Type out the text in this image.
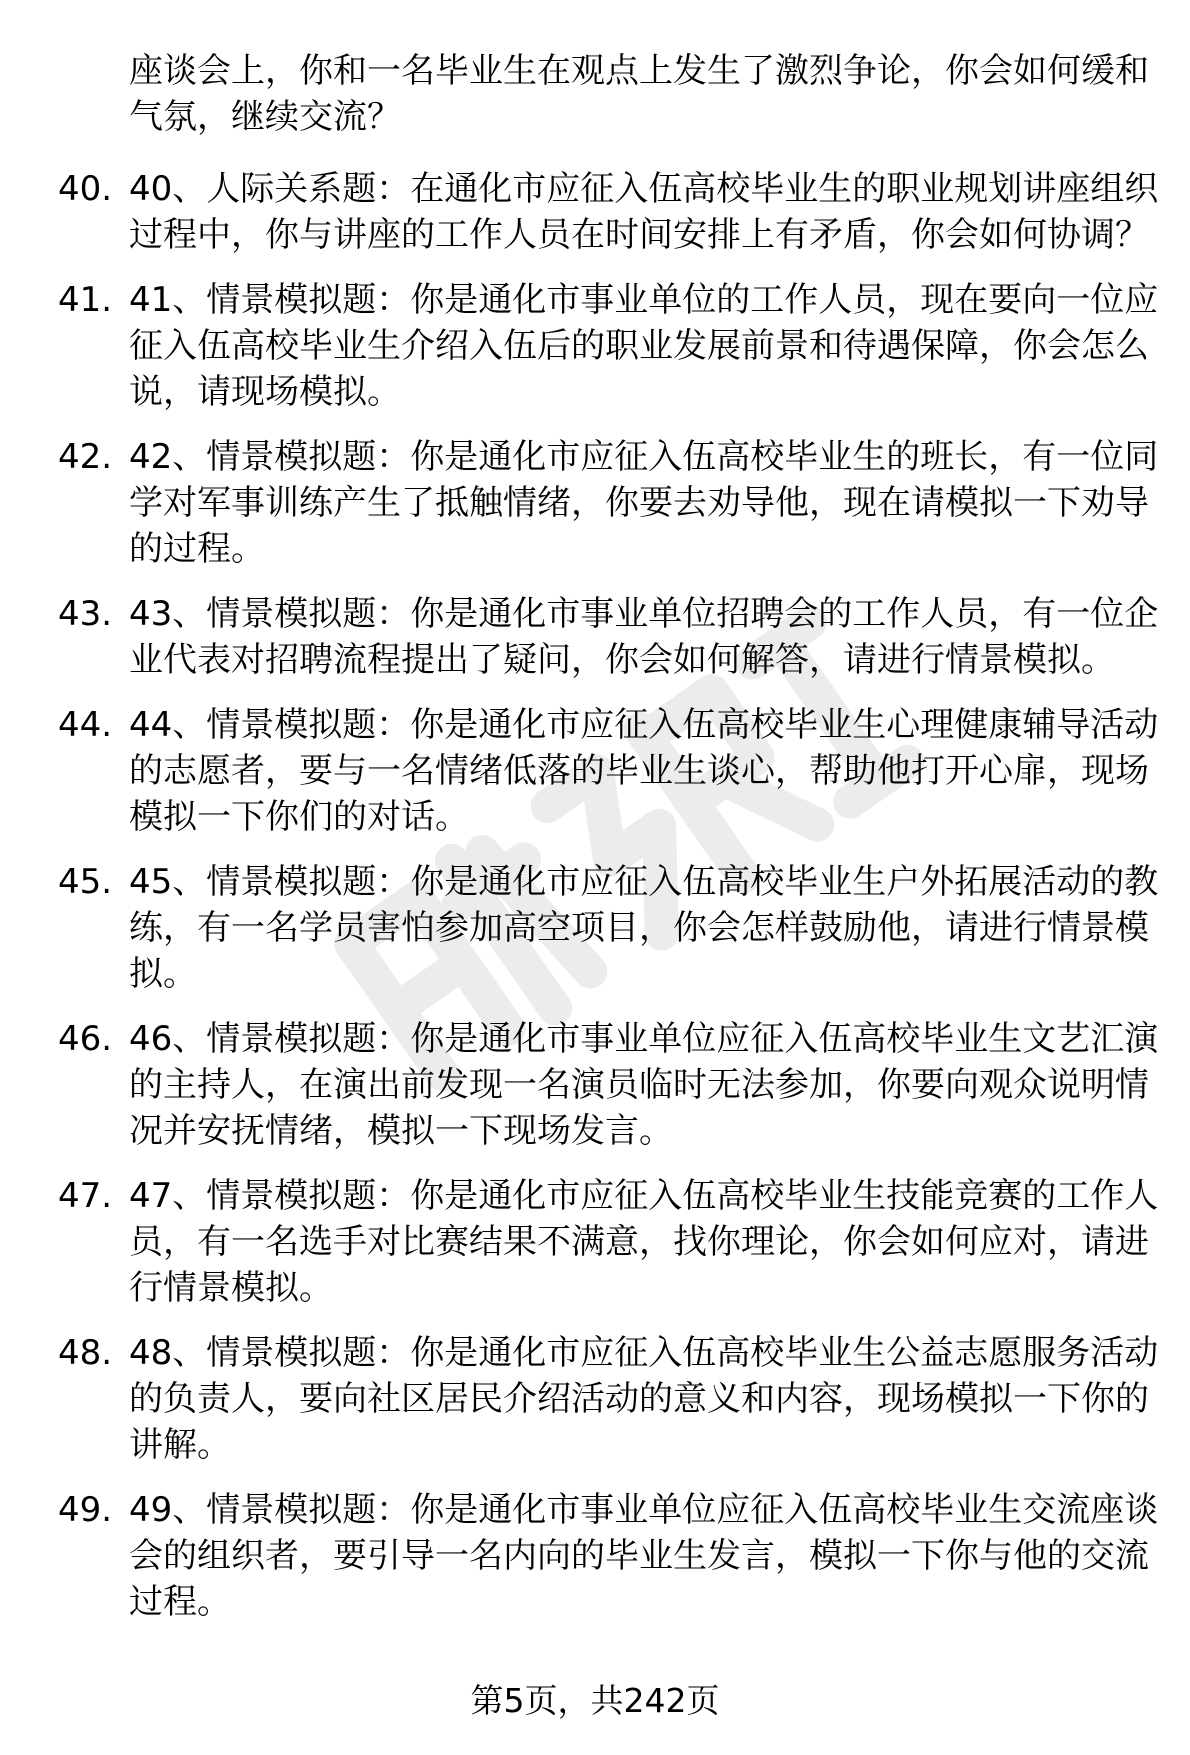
座谈会上，你和一名毕业生在观点上发生了激烈争论，你会如何缓和气氛，继续交流？
40. 40、人际关系题：在通化市应征入伍高校毕业生的职业规划讲座组织过程中，你与讲座的工作人员在时间安排上有矛盾，你会如何协调？
41. 41、情景模拟题：你是通化市事业单位的工作人员，现在要向一位应征入伍高校毕业生介绍入伍后的职业发展前景和待遇保障，你会怎么说，请现场模拟。
42. 42、情景模拟题：你是通化市应征入伍高校毕业生的班长，有一位同学对军事训练产生了抵触情绪，你要去劝导他，现在请模拟一下劝导的过程。
43. 43、情景模拟题：你是通化市事业单位招聘会的工作人员，有一位企业代表对招聘流程提出了疑问，你会如何解答，请进行情景模拟。
44. 44、情景模拟题：你是通化市应征入伍高校毕业生心理健康辅导活动的志愿者，要与一名情绪低落的毕业生谈心，帮助他打开心扉，现场模拟一下你们的对话。
45. 45、情景模拟题：你是通化市应征入伍高校毕业生户外拓展活动的教练，有一名学员害怕参加高空项目，你会怎样鼓励他，请进行情景模拟。
46. 46、情景模拟题：你是通化市事业单位应征入伍高校毕业生文艺汇演的主持人，在演出前发现一名演员临时无法参加，你要向观众说明情况并安抚情绪，模拟一下现场发言。
47. 47、情景模拟题：你是通化市应征入伍高校毕业生技能竞赛的工作人员，有一名选手对比赛结果不满意，找你理论，你会如何应对，请进行情景模拟。
48. 48、情景模拟题：你是通化市应征入伍高校毕业生公益志愿服务活动的负责人，要向社区居民介绍活动的意义和内容，现场模拟一下你的讲解。
49. 49、情景模拟题：你是通化市事业单位应征入伍高校毕业生交流座谈会的组织者，要引导一名内向的毕业生发言，模拟一下你与他的交流过程。
第5页，共242页
